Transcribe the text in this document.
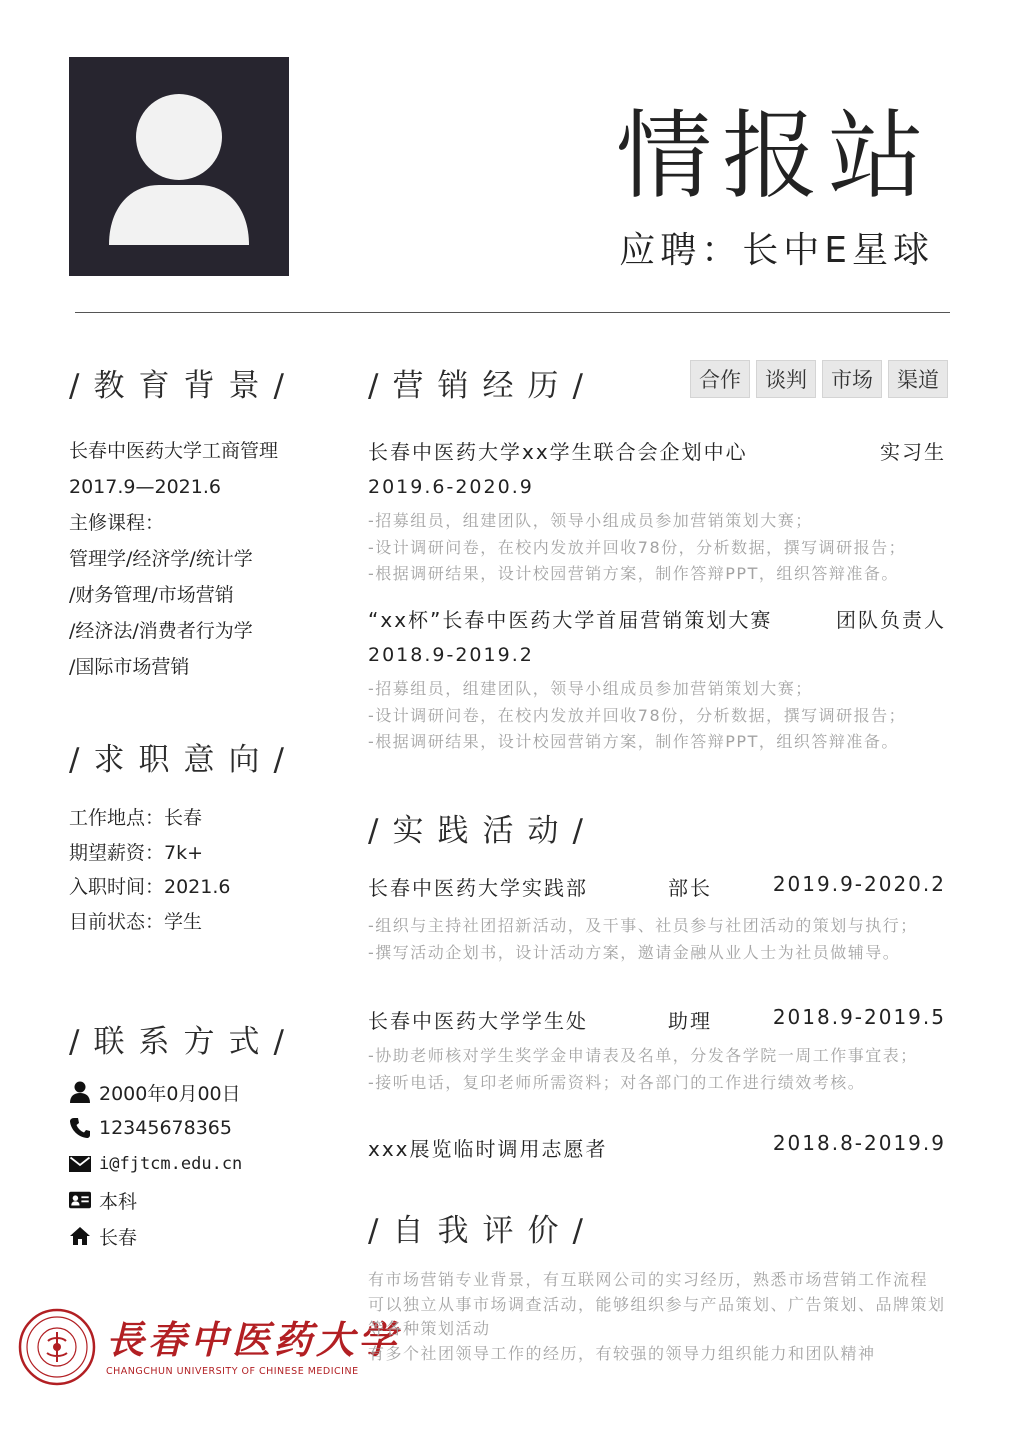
情报站
应聘：长中E星球
/教育背景/
长春中医药大学工商管理
2017.9—2021.6
主修课程：
管理学/经济学/统计学
/财务管理/市场营销
/经济法/消费者行为学
/国际市场营销
/求职意向/
工作地点：长春
期望薪资：7k+
入职时间：2021.6
目前状态：学生
/联系方式/
2000年0月00日
12345678365
i@fjtcm.edu.cn
本科
长春
長春中医药大学
CHANGCHUN UNIVERSITY OF CHINESE MEDICINE
/营销经历/	合作	谈判	市场	渠道
长春中医药大学xx学生联合会企划中心	实习生
2019.6-2020.9
-招募组员，组建团队，领导小组成员参加营销策划大赛；
-设计调研问卷，在校内发放并回收78份，分析数据，撰写调研报告；
-根据调研结果，设计校园营销方案，制作答辩PPT，组织答辩准备。
“xx杯”长春中医药大学首届营销策划大赛	团队负责人
2018.9-2019.2
-招募组员，组建团队，领导小组成员参加营销策划大赛；
-设计调研问卷，在校内发放并回收78份，分析数据，撰写调研报告；
-根据调研结果，设计校园营销方案，制作答辩PPT，组织答辩准备。
/实践活动/
长春中医药大学实践部	部长	2019.9-2020.2
-组织与主持社团招新活动，及干事、社员参与社团活动的策划与执行；
-撰写活动企划书，设计活动方案，邀请金融从业人士为社员做辅导。
长春中医药大学学生处	助理	2018.9-2019.5
-协助老师核对学生奖学金申请表及名单，分发各学院一周工作事宜表；
-接听电话，复印老师所需资料；对各部门的工作进行绩效考核。
xxx展览临时调用志愿者	2018.8-2019.9
/自我评价/
有市场营销专业背景，有互联网公司的实习经历，熟悉市场营销工作流程
可以独立从事市场调查活动，能够组织参与产品策划、广告策划、品牌策划等各种策划活动
有多个社团领导工作的经历，有较强的领导力组织能力和团队精神
